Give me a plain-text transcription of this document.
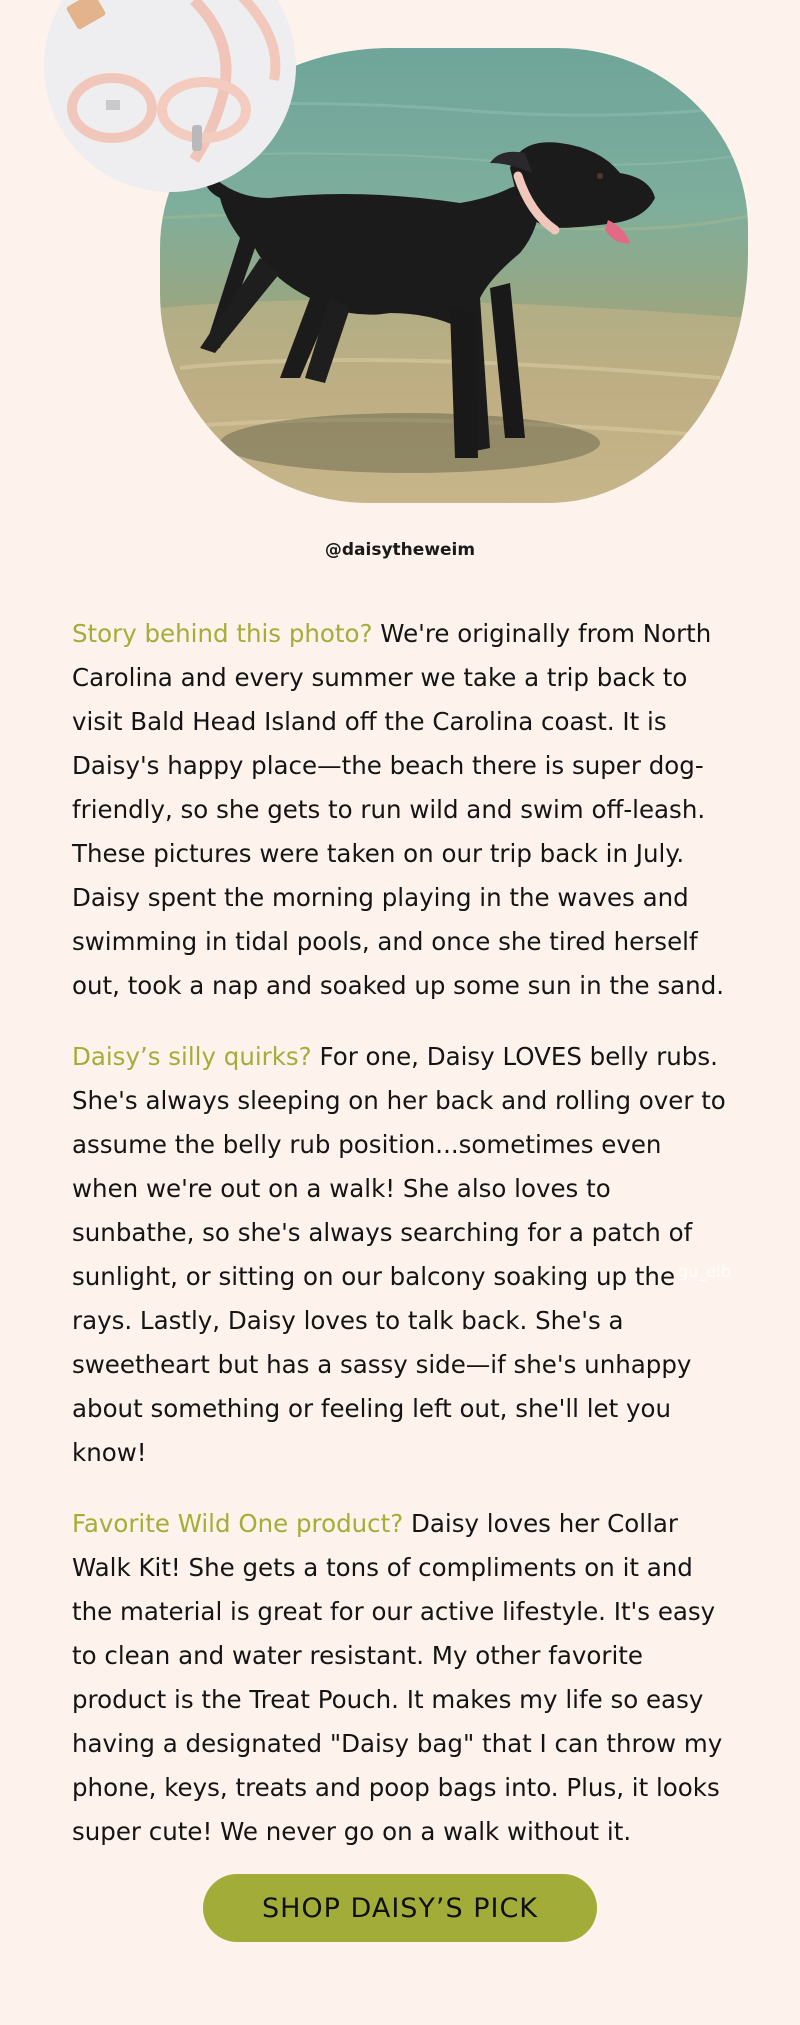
@daisytheweim

Story behind this photo? We're originally from North Carolina and every summer we take a trip back to visit Bald Head Island off the Carolina coast. It is Daisy's happy place—the beach there is super dog-friendly, so she gets to run wild and swim off-leash. These pictures were taken on our trip back in July. Daisy spent the morning playing in the waves and swimming in tidal pools, and once she tired herself out, took a nap and soaked up some sun in the sand.

Daisy’s silly quirks? For one, Daisy LOVES belly rubs. She's always sleeping on her back and rolling over to assume the belly rub position...sometimes even when we're out on a walk! She also loves to sunbathe, so she's always searching for a patch of sunlight, or sitting on our balcony soaking up the rays. Lastly, Daisy loves to talk back. She's a sweetheart but has a sassy side—if she's unhappy about something or feeling left out, she'll let you know!

Favorite Wild One product? Daisy loves her Collar Walk Kit! She gets a tons of compliments on it and the material is great for our active lifestyle. It's easy to clean and water resistant. My other favorite product is the Treat Pouch. It makes my life so easy having a designated "Daisy bag" that I can throw my phone, keys, treats and poop bags into. Plus, it looks super cute! We never go on a walk without it.

gu_eib
SHOP DAISY’S PICK
